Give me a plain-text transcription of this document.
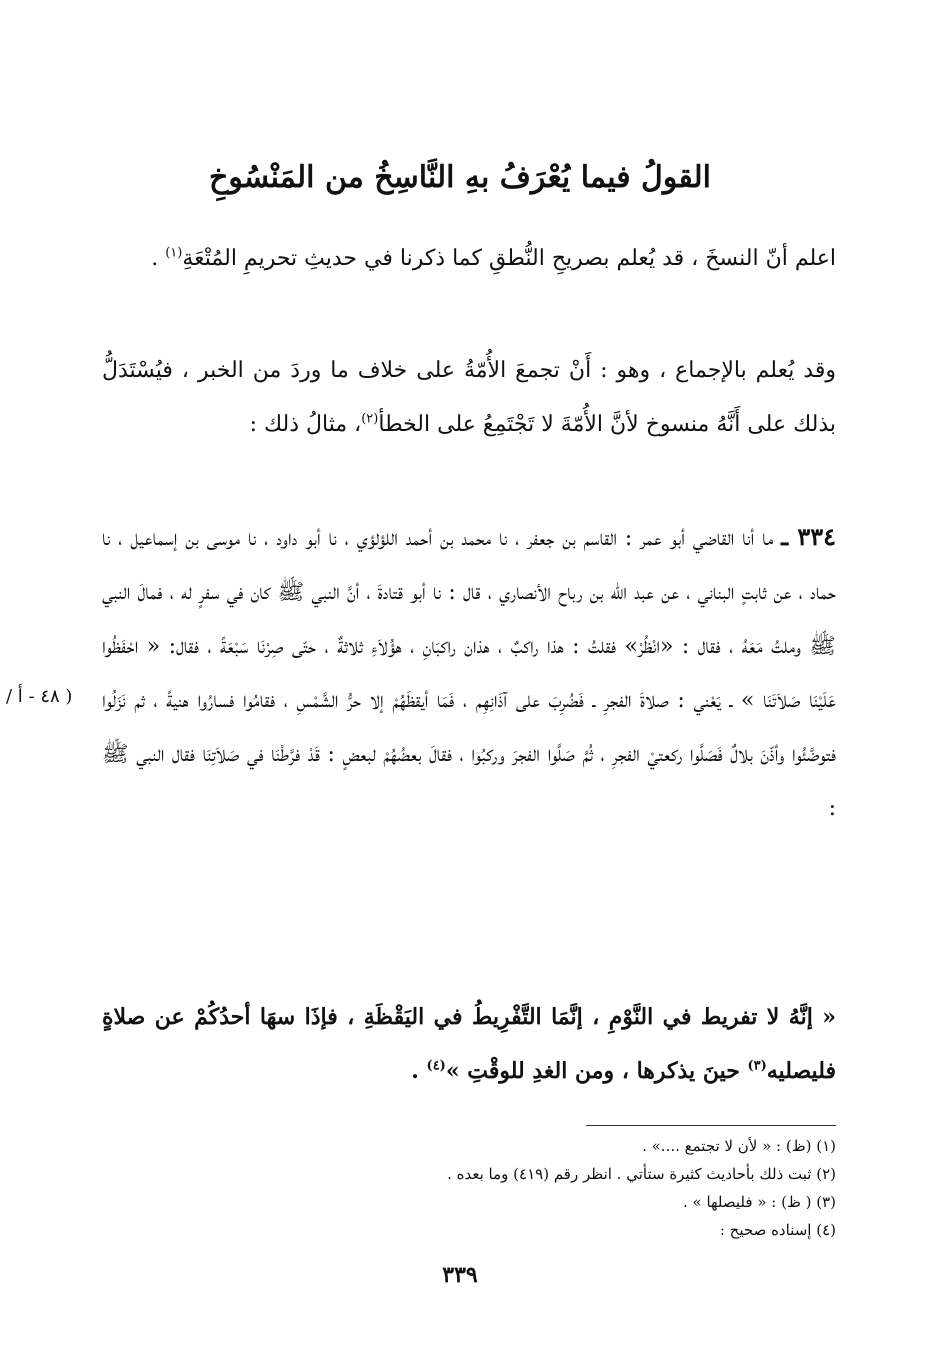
القولُ فيما يُعْرَفُ بهِ النَّاسِخُ من المَنْسُوخِ

اعلم أنّ النسخَ ، قد يُعلم بصريحِ النُّطقِ كما ذكرنا في حديثِ تحريمِ المُتْعَةِ$^{(١)}$ .

وقد يُعلم بالإجماع ، وهو : أَنْ تجمعَ الأُمّةُ على خلاف ما وردَ من الخبر ، فيُسْتَدَلُّ بذلك على أَنَّهُ منسوخ لأنَّ الأُمّةَ لا تَجْتَمِعُ على الخطأ$^{(٢)}$، مثالُ ذلك :

٣٣٤ ـ ما أنا القاضي أبو عمر : القاسم بن جعفر ، نا محمد بن أحمد اللؤلؤي ، نا أبو داود ، نا موسى بن إسماعيل ، نا حماد ، عن ثابتٍ البناني ، عن عبد الله بن رباح الأنصاري ، قال : نا أبو قتادةَ ، أنَّ النبي ﷺ كان في سفرٍ له ، فمالَ النبي ﷺ وملتُ مَعَهُ ، فقال : «انْظُرْ» فقلتُ : هذا راكبٌ ، هذان راكبَانِ ، هؤُلاَءِ ثلاثةٌ ، حتّى صِرْنَا سَبْعَةً ، فقال: « احْفَظُوا عَلَيْنَا صَلاَتَنَا » ـ يَعْني : صلاةَ الفجرِ ـ فَضُرِبَ على آذَانِهِم ، فَمَا أيقظَهُمْ إلا حرُّ الشَّمْسِ ، فقامُوا فسارُوا هنيةً ، ثم نَزَلُوا فتوضَّئُوا وأذّنَ بلالٌ فَصَلَّوا ركعتيْ الفجرِ ، ثُمَّ صَلَّوا الفجرَ وركبُوا ، فقالَ بعضُهُمْ لبعضٍ : قَدْ فرَّطْنَا في صَلاَتِنَا فقال النبي ﷺ :

« إنَّهُ لا تفريط في النَّوْمِ ، إنَّمَا التَّفْرِيطُ في اليَقْظَةِ ، فإذَا سهَا أحدُكُمْ عن صلاةٍ فليصليه$^{(٣)}$ حينَ يذكرها ، ومن الغدِ للوقْتِ »$^{(٤)}$ .

( ٤٨ - أ /

(١) (ظ) : « لأن لا تجتمع ....» .

(٢) ثبت ذلك بأحاديث كثيرة ستأتي . انظر رقم (٤١٩) وما بعده .

(٣) ( ظ) : « فليصلها » .

(٤) إسناده صحيح :

٣٣٩
